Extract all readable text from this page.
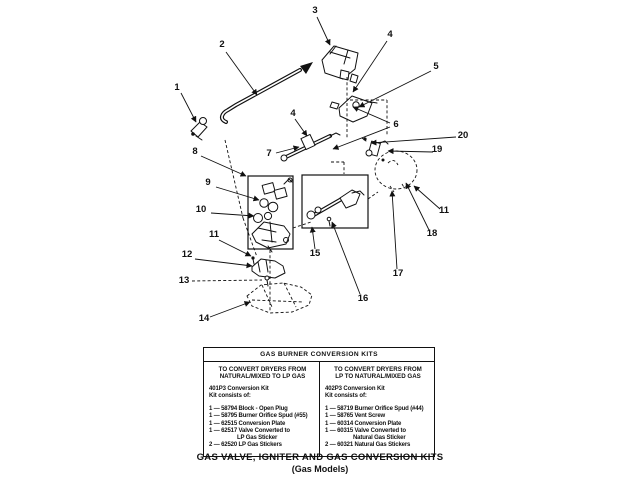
1
2
3
4
5
6
4
7
8
9
10
11
12
13
14
15
16
17
18
19
20
11
GAS BURNER CONVERSION KITS
TO CONVERT DRYERS FROM
NATURAL/MIXED TO LP GAS
401P3 Conversion Kit
Kit consists of:
1 — 58794 Block - Open Plug
1 — 58795 Burner Orifice Spud (#55)
1 — 62515 Conversion Plate
1 — 62517 Valve Converted to
LP Gas Sticker
2 — 62520 LP Gas Stickers
TO CONVERT DRYERS FROM
LP TO NATURAL/MIXED GAS
402P3 Conversion Kit
Kit consists of:
1 — 58719 Burner Orifice Spud (#44)
1 — 58765 Vent Screw
1 — 60314 Conversion Plate
1 — 60315 Valve Converted to
Natural Gas Sticker
2 — 60321 Natural Gas Stickers
GAS VALVE, IGNITER AND GAS CONVERSION KITS
(Gas Models)
